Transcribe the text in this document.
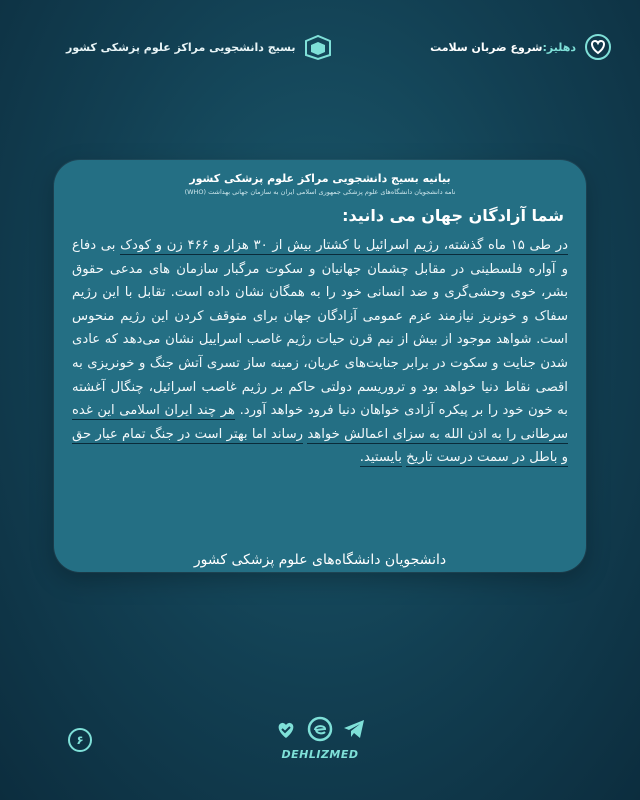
بسیج دانشجویی مراکز علوم پزشکی کشور	دهلیز:شروع ضربان سلامت
بیانیه بسیج دانشجویی مراکز علوم پزشکی کشور
نامه دانشجویان دانشگاه‌های علوم پزشکی جمهوری اسلامی ایران به سازمان جهانی بهداشت (WHO)
شما آزادگان جهان می دانید:

در طی ۱۵ ماه گذشته، رژیم اسرائیل با کشتار بیش از ۳۰ هزار و ۴۶۶ زن و کودک بی دفاع و آواره فلسطینی در مقابل چشمان جهانیان و سکوت مرگبار سازمان های مدعی حقوق بشر، خوی وحشی‌گری و ضد انسانی خود را به همگان نشان داده است. تقابل با این رژیم سفاک و خونریز نیازمند عزم عمومی آزادگان جهان برای متوقف کردن این رژیم منحوس است. شواهد موجود از بیش از نیم قرن حیات رژیم غاصب اسراییل نشان می‌دهد که عادی شدن جنایت و سکوت در برابر جنایت‌های عریان، زمینه ساز تسری آتش جنگ و خونریزی به اقصی نقاط دنیا خواهد بود و تروریسم دولتی حاکم بر رژیم غاصب اسرائیل، چنگال آغشته به خون خود را بر پیکره آزادی خواهان دنیا فرود خواهد آورد. هر چند ایران اسلامی این غده سرطانی را به اذن الله به سزای اعمالش خواهد رساند اما بهتر است در جنگ تمام عیار حق و باطل در سمت درست تاریخ بایستید.

دانشجویان دانشگاه‌های علوم پزشکی کشور
۶
DEHLIZMED
